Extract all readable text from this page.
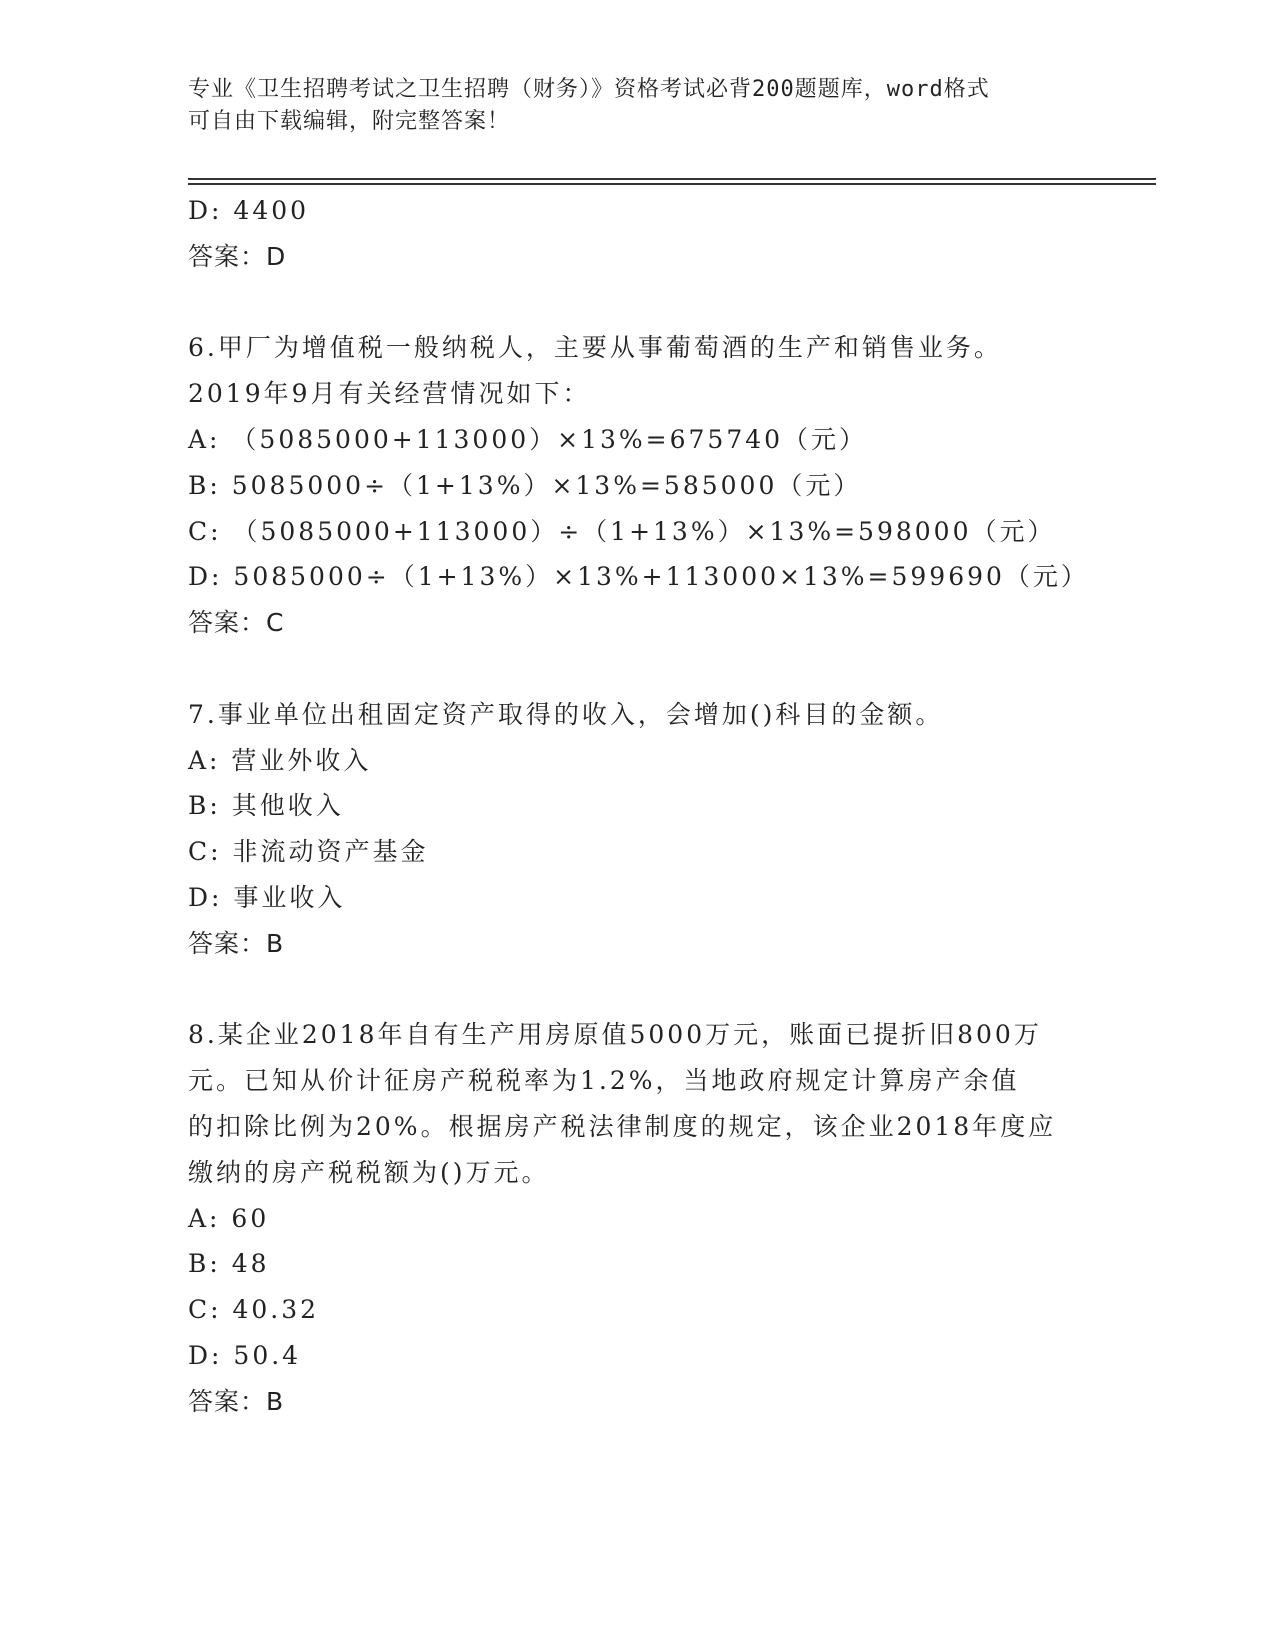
专业《卫生招聘考试之卫生招聘（财务）》资格考试必背200题题库，word格式
可自由下载编辑，附完整答案！
D: 4400
答案：D
6.甲厂为增值税一般纳税人，主要从事葡萄酒的生产和销售业务。
2019年9月有关经营情况如下：
A: （5085000+113000）×13%=675740（元）
B: 5085000÷（1+13%）×13%=585000（元）
C: （5085000+113000）÷（1+13%）×13%=598000（元）
D: 5085000÷（1+13%）×13%+113000×13%=599690（元）
答案：C
7.事业单位出租固定资产取得的收入，会增加()科目的金额。
A: 营业外收入
B: 其他收入
C: 非流动资产基金
D: 事业收入
答案：B
8.某企业2018年自有生产用房原值5000万元，账面已提折旧800万
元。已知从价计征房产税税率为1.2%，当地政府规定计算房产余值
的扣除比例为20%。根据房产税法律制度的规定，该企业2018年度应
缴纳的房产税税额为()万元。
A: 60
B: 48
C: 40.32
D: 50.4
答案：B
